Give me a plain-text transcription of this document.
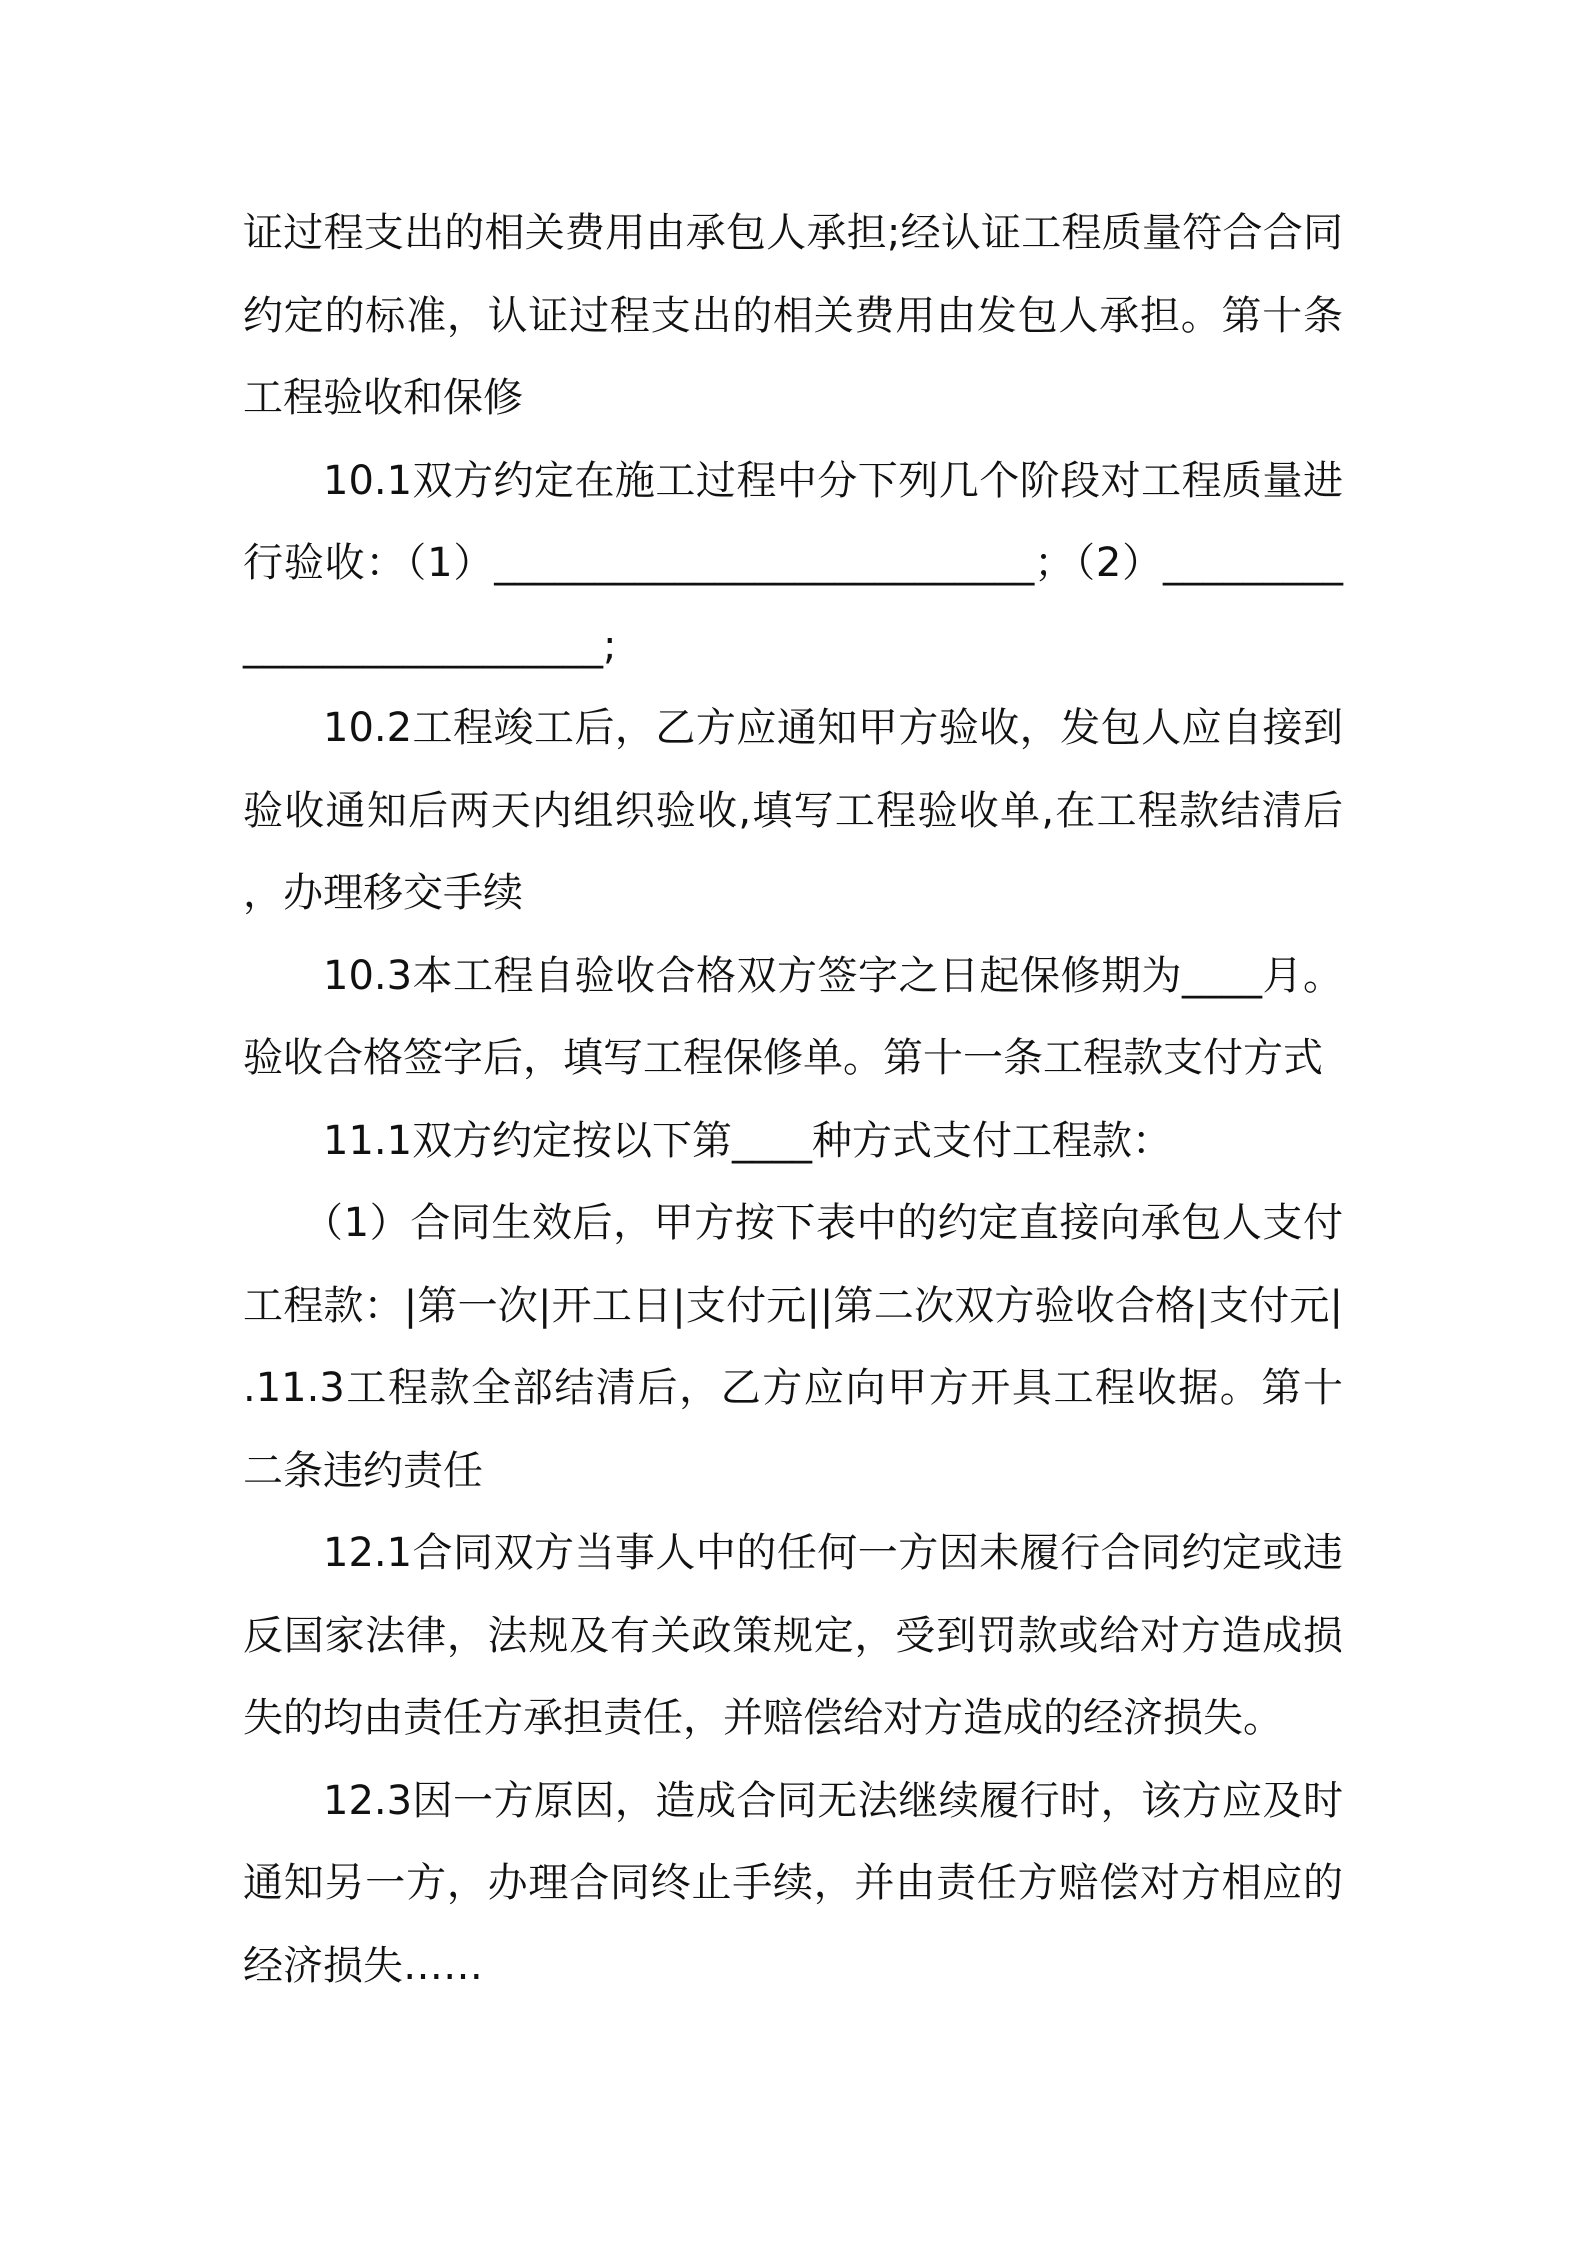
证过程支出的相关费用由承包人承担;经认证工程质量符合合同约定的标准，认证过程支出的相关费用由发包人承担。第十条工程验收和保修

10.1双方约定在施工过程中分下列几个阶段对工程质量进行验收：（1）___________________________；（2）___________________________;

10.2工程竣工后，乙方应通知甲方验收，发包人应自接到验收通知后两天内组织验收,填写工程验收单,在工程款结清后，办理移交手续

10.3本工程自验收合格双方签字之日起保修期为____月。验收合格签字后，填写工程保修单。第十一条工程款支付方式

11.1双方约定按以下第____种方式支付工程款：

（1）合同生效后，甲方按下表中的约定直接向承包人支付工程款：|第一次|开工日|支付元||第二次双方验收合格|支付元|.11.3工程款全部结清后，乙方应向甲方开具工程收据。第十二条违约责任

12.1合同双方当事人中的任何一方因未履行合同约定或违反国家法律，法规及有关政策规定，受到罚款或给对方造成损失的均由责任方承担责任，并赔偿给对方造成的经济损失。

12.3因一方原因，造成合同无法继续履行时，该方应及时通知另一方，办理合同终止手续，并由责任方赔偿对方相应的经济损失……
